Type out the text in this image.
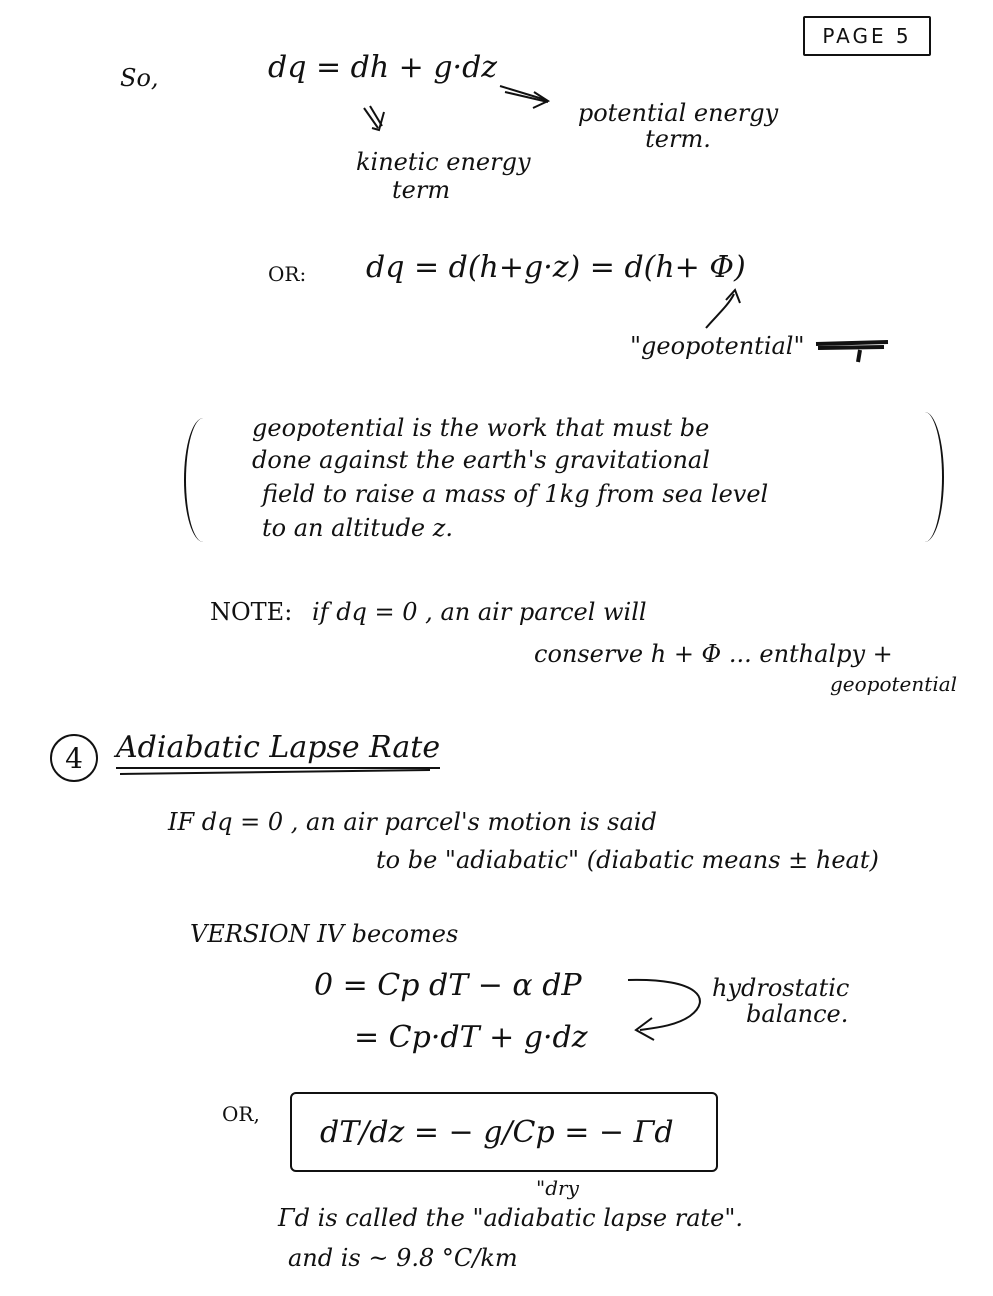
PAGE 5
So,	dq = dh + g·dz
potential energy term.
kinetic energy
term
OR: dq = d(h+g·z) = d(h+ Φ)
"geopotential"
geopotential is the work that must be
done against the earth's gravitational
field to raise a mass of 1kg from sea level
to an altitude z.
NOTE: if dq = 0 , an air parcel will
conserve h + Φ ... enthalpy +
geopotential
4	Adiabatic Lapse Rate
IF dq = 0 , an air parcel's motion is said
to be "adiabatic" (diabatic means ± heat)
VERSION IV becomes
0 = Cp dT − α dP
= Cp·dT + g·dz
hydrostatic
balance.
OR,
dT/dz = − g/Cp = − Γd
"dry
Γd is called the "adiabatic lapse rate".
and is ~ 9.8 °C/km
